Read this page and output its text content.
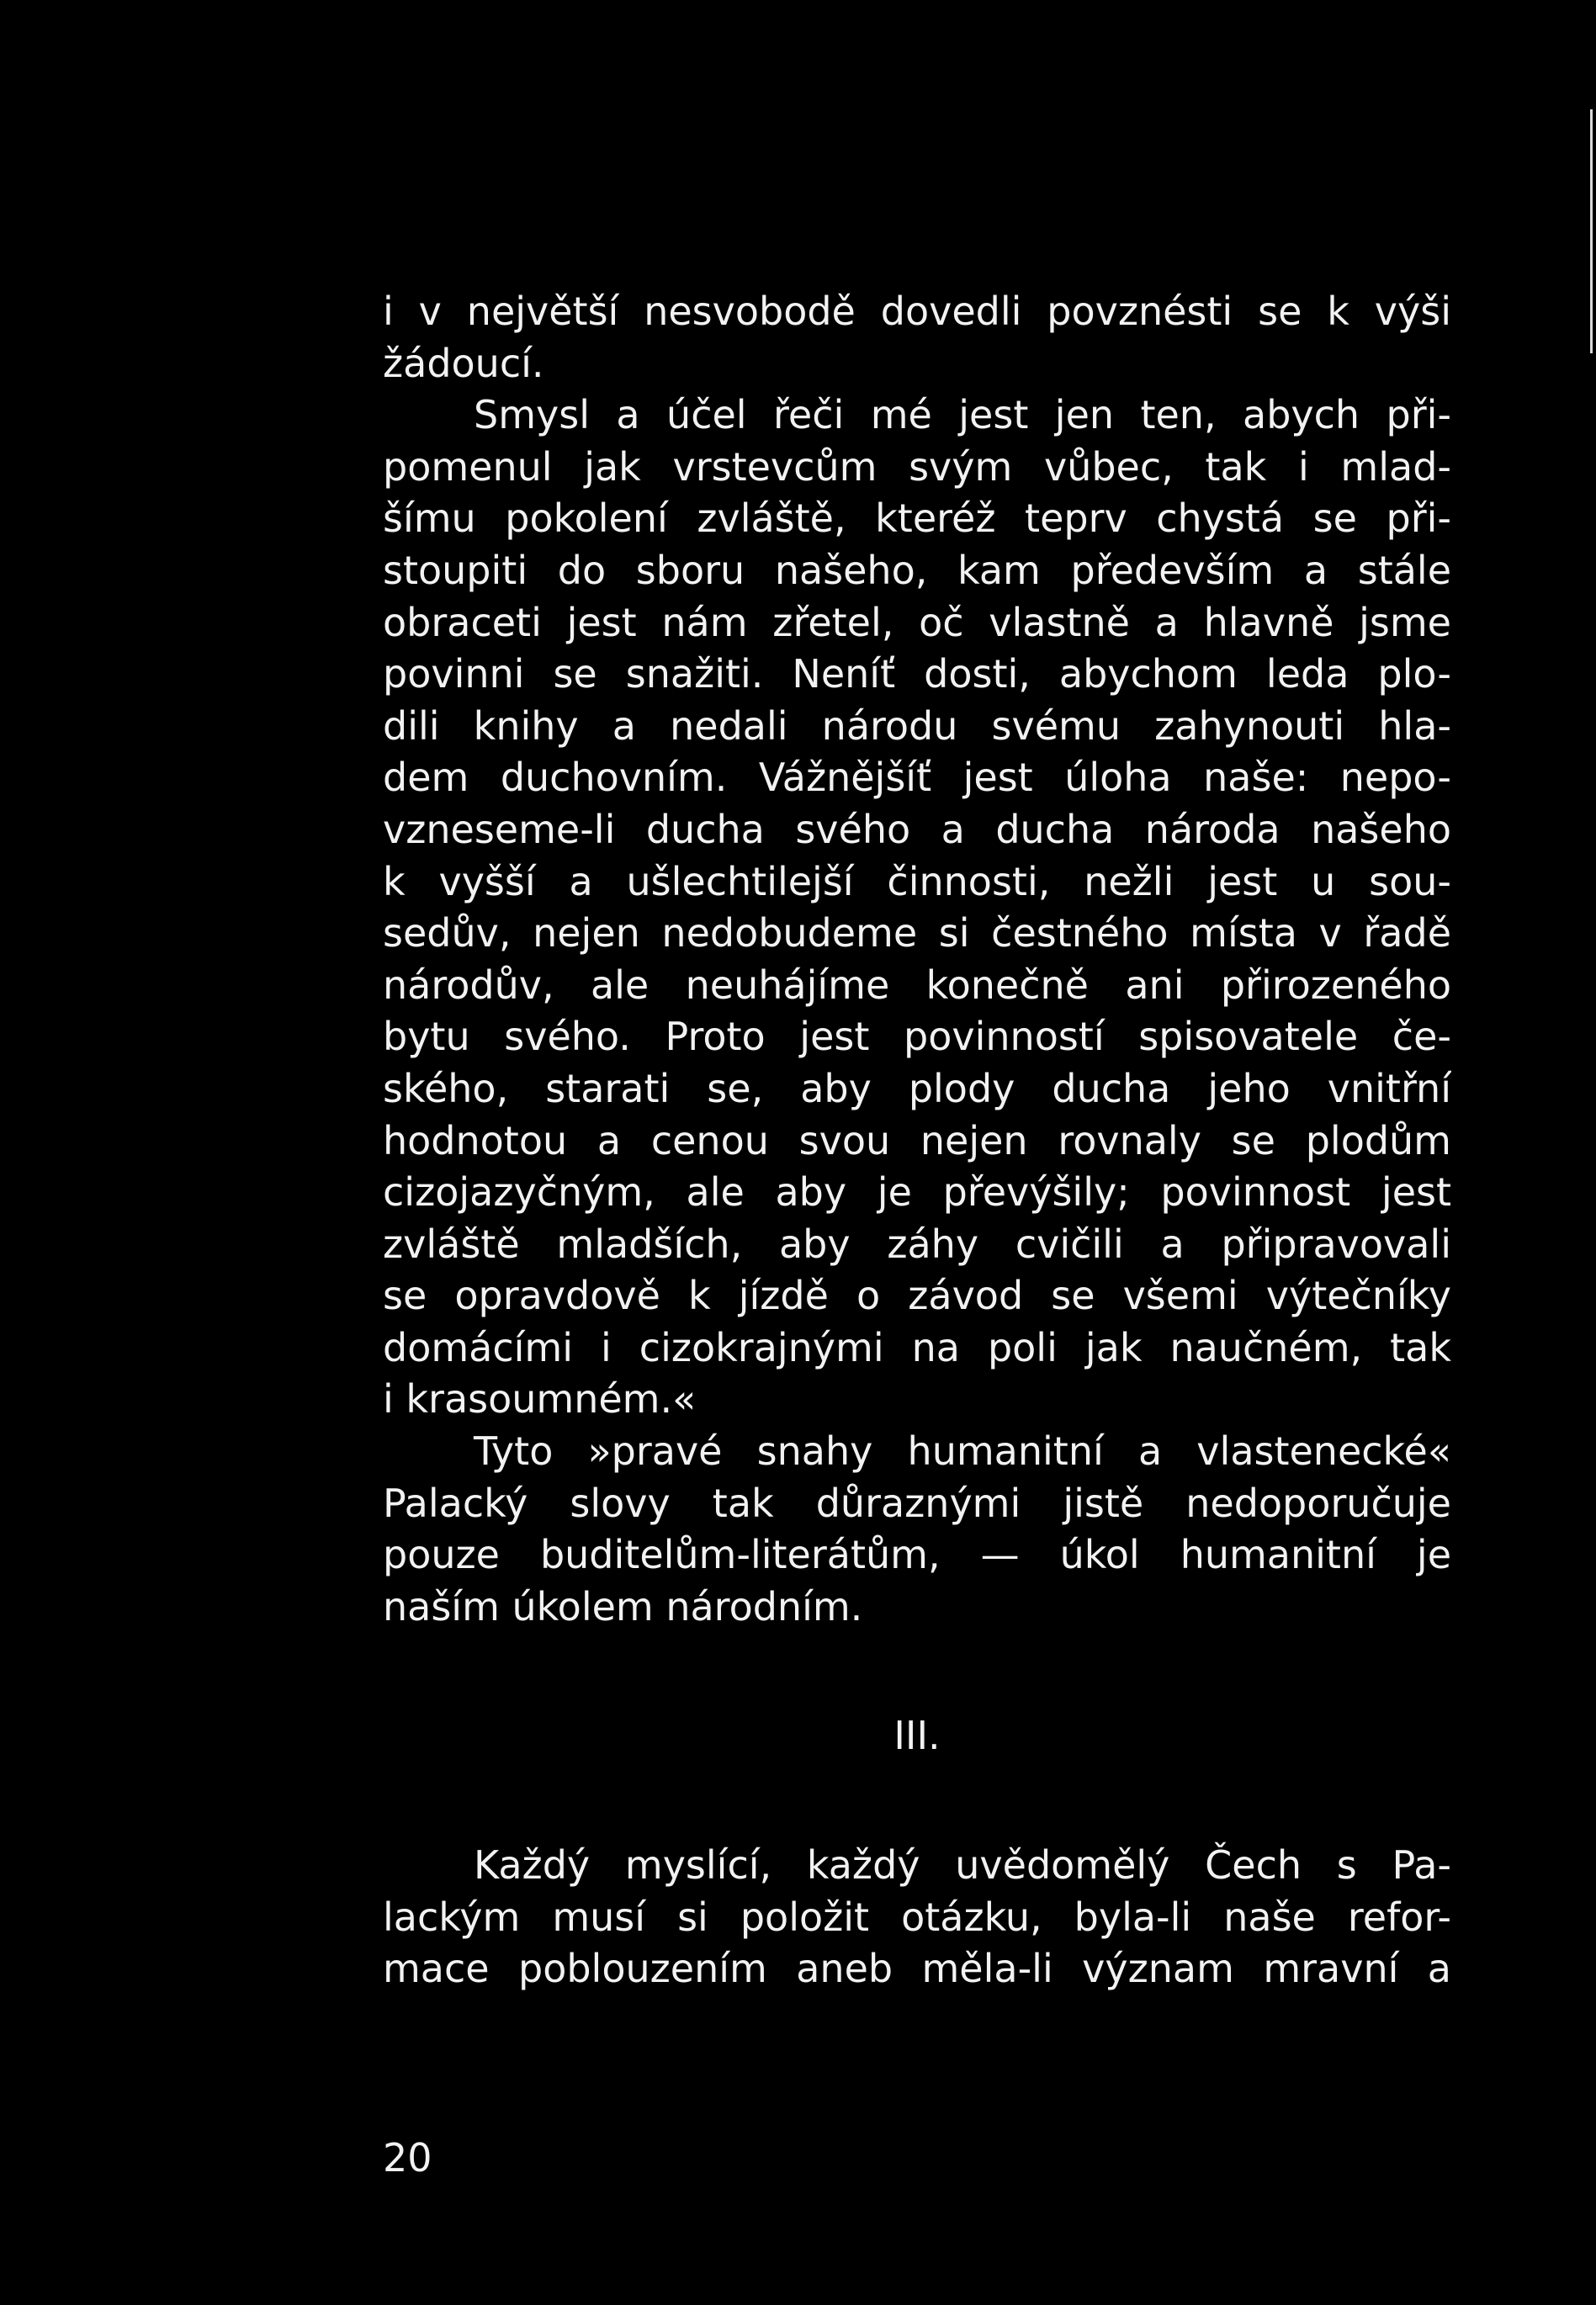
i v největší nesvobodě dovedli povznésti se k výši
žádoucí.
Smysl a účel řeči mé jest jen ten, abych při-
pomenul jak vrstevcům svým vůbec, tak i mlad-
šímu pokolení zvláště, kteréž teprv chystá se při-
stoupiti do sboru našeho, kam především a stále
obraceti jest nám zřetel, oč vlastně a hlavně jsme
povinni se snažiti. Neníť dosti, abychom leda plo-
dili knihy a nedali národu svému zahynouti hla-
dem duchovním. Vážnějšíť jest úloha naše: nepo-
vzneseme-li ducha svého a ducha národa našeho
k vyšší a ušlechtilejší činnosti, nežli jest u sou-
sedův, nejen nedobudeme si čestného místa v řadě
národův, ale neuhájíme konečně ani přirozeného
bytu svého. Proto jest povinností spisovatele če-
ského, starati se, aby plody ducha jeho vnitřní
hodnotou a cenou svou nejen rovnaly se plodům
cizojazyčným, ale aby je převýšily; povinnost jest
zvláště mladších, aby záhy cvičili a připravovali
se opravdově k jízdě o závod se všemi výtečníky
domácími i cizokrajnými na poli jak naučném, tak
i krasoumném.«
Tyto »pravé snahy humanitní a vlastenecké«
Palacký slovy tak důraznými jistě nedoporučuje
pouze buditelům-literátům, — úkol humanitní je
naším úkolem národním.
III.
Každý myslící, každý uvědomělý Čech s Pa-
lackým musí si položit otázku, byla-li naše refor-
mace poblouzením aneb měla-li význam mravní a
20
